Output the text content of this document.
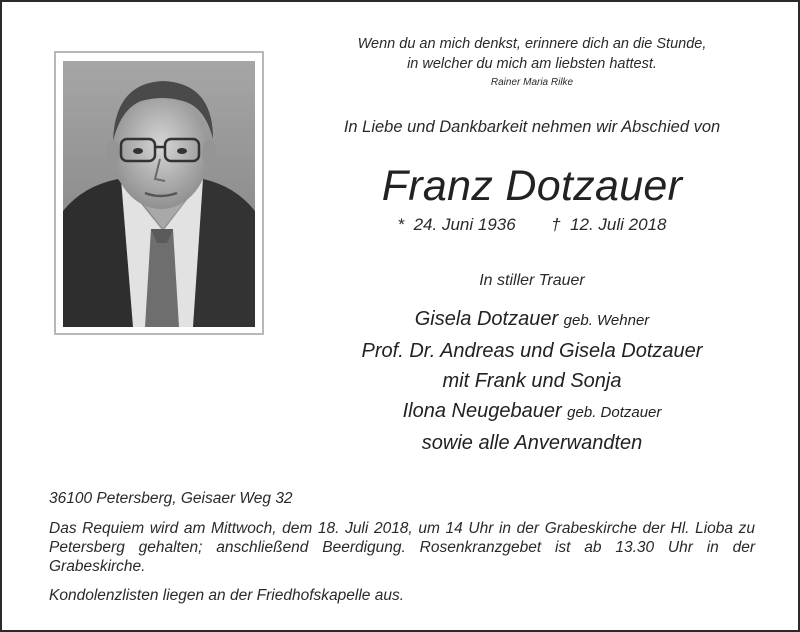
Wenn du an mich denkst, erinnere dich an die Stunde,
in welcher du mich am liebsten hattest.
Rainer Maria Rilke
In Liebe und Dankbarkeit nehmen wir Abschied von
Franz Dotzauer
* 24. Juni 1936 † 12. Juli 2018
In stiller Trauer
Gisela Dotzauer geb. Wehner
Prof. Dr. Andreas und Gisela Dotzauer
mit Frank und Sonja
Ilona Neugebauer geb. Dotzauer
sowie alle Anverwandten
36100 Petersberg, Geisaer Weg 32
Das Requiem wird am Mittwoch, dem 18. Juli 2018, um 14 Uhr in der Grabeskirche der Hl. Lioba zu Petersberg gehalten; anschließend Beerdigung. Rosenkranzgebet ist ab 13.30 Uhr in der Grabeskirche.
Kondolenzlisten liegen an der Friedhofskapelle aus.
